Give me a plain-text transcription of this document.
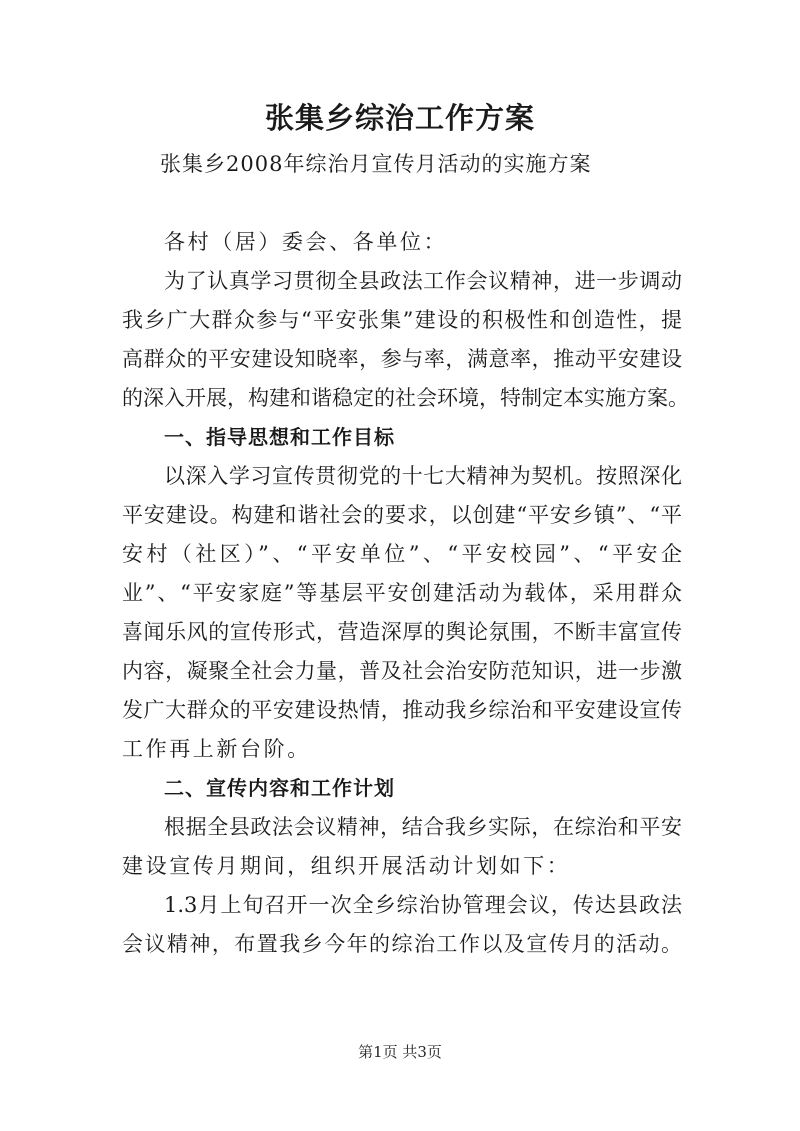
张集乡综治工作方案
张集乡2008年综治月宣传月活动的实施方案
各村（居）委会、各单位：
为了认真学习贯彻全县政法工作会议精神，进一步调动
我乡广大群众参与“平安张集”建设的积极性和创造性，提
高群众的平安建设知晓率，参与率，满意率，推动平安建设
的深入开展，构建和谐稳定的社会环境，特制定本实施方案。
一、指导思想和工作目标
以深入学习宣传贯彻党的十七大精神为契机。按照深化
平安建设。构建和谐社会的要求，以创建“平安乡镇”、“平
安村（社区）”、“平安单位”、“平安校园”、“平安企
业”、“平安家庭”等基层平安创建活动为载体，采用群众
喜闻乐风的宣传形式，营造深厚的舆论氛围，不断丰富宣传
内容，凝聚全社会力量，普及社会治安防范知识，进一步激
发广大群众的平安建设热情，推动我乡综治和平安建设宣传
工作再上新台阶。
二、宣传内容和工作计划
根据全县政法会议精神，结合我乡实际，在综治和平安
建设宣传月期间，组织开展活动计划如下：
1.3月上旬召开一次全乡综治协管理会议，传达县政法
会议精神，布置我乡今年的综治工作以及宣传月的活动。
第1页 共3页
